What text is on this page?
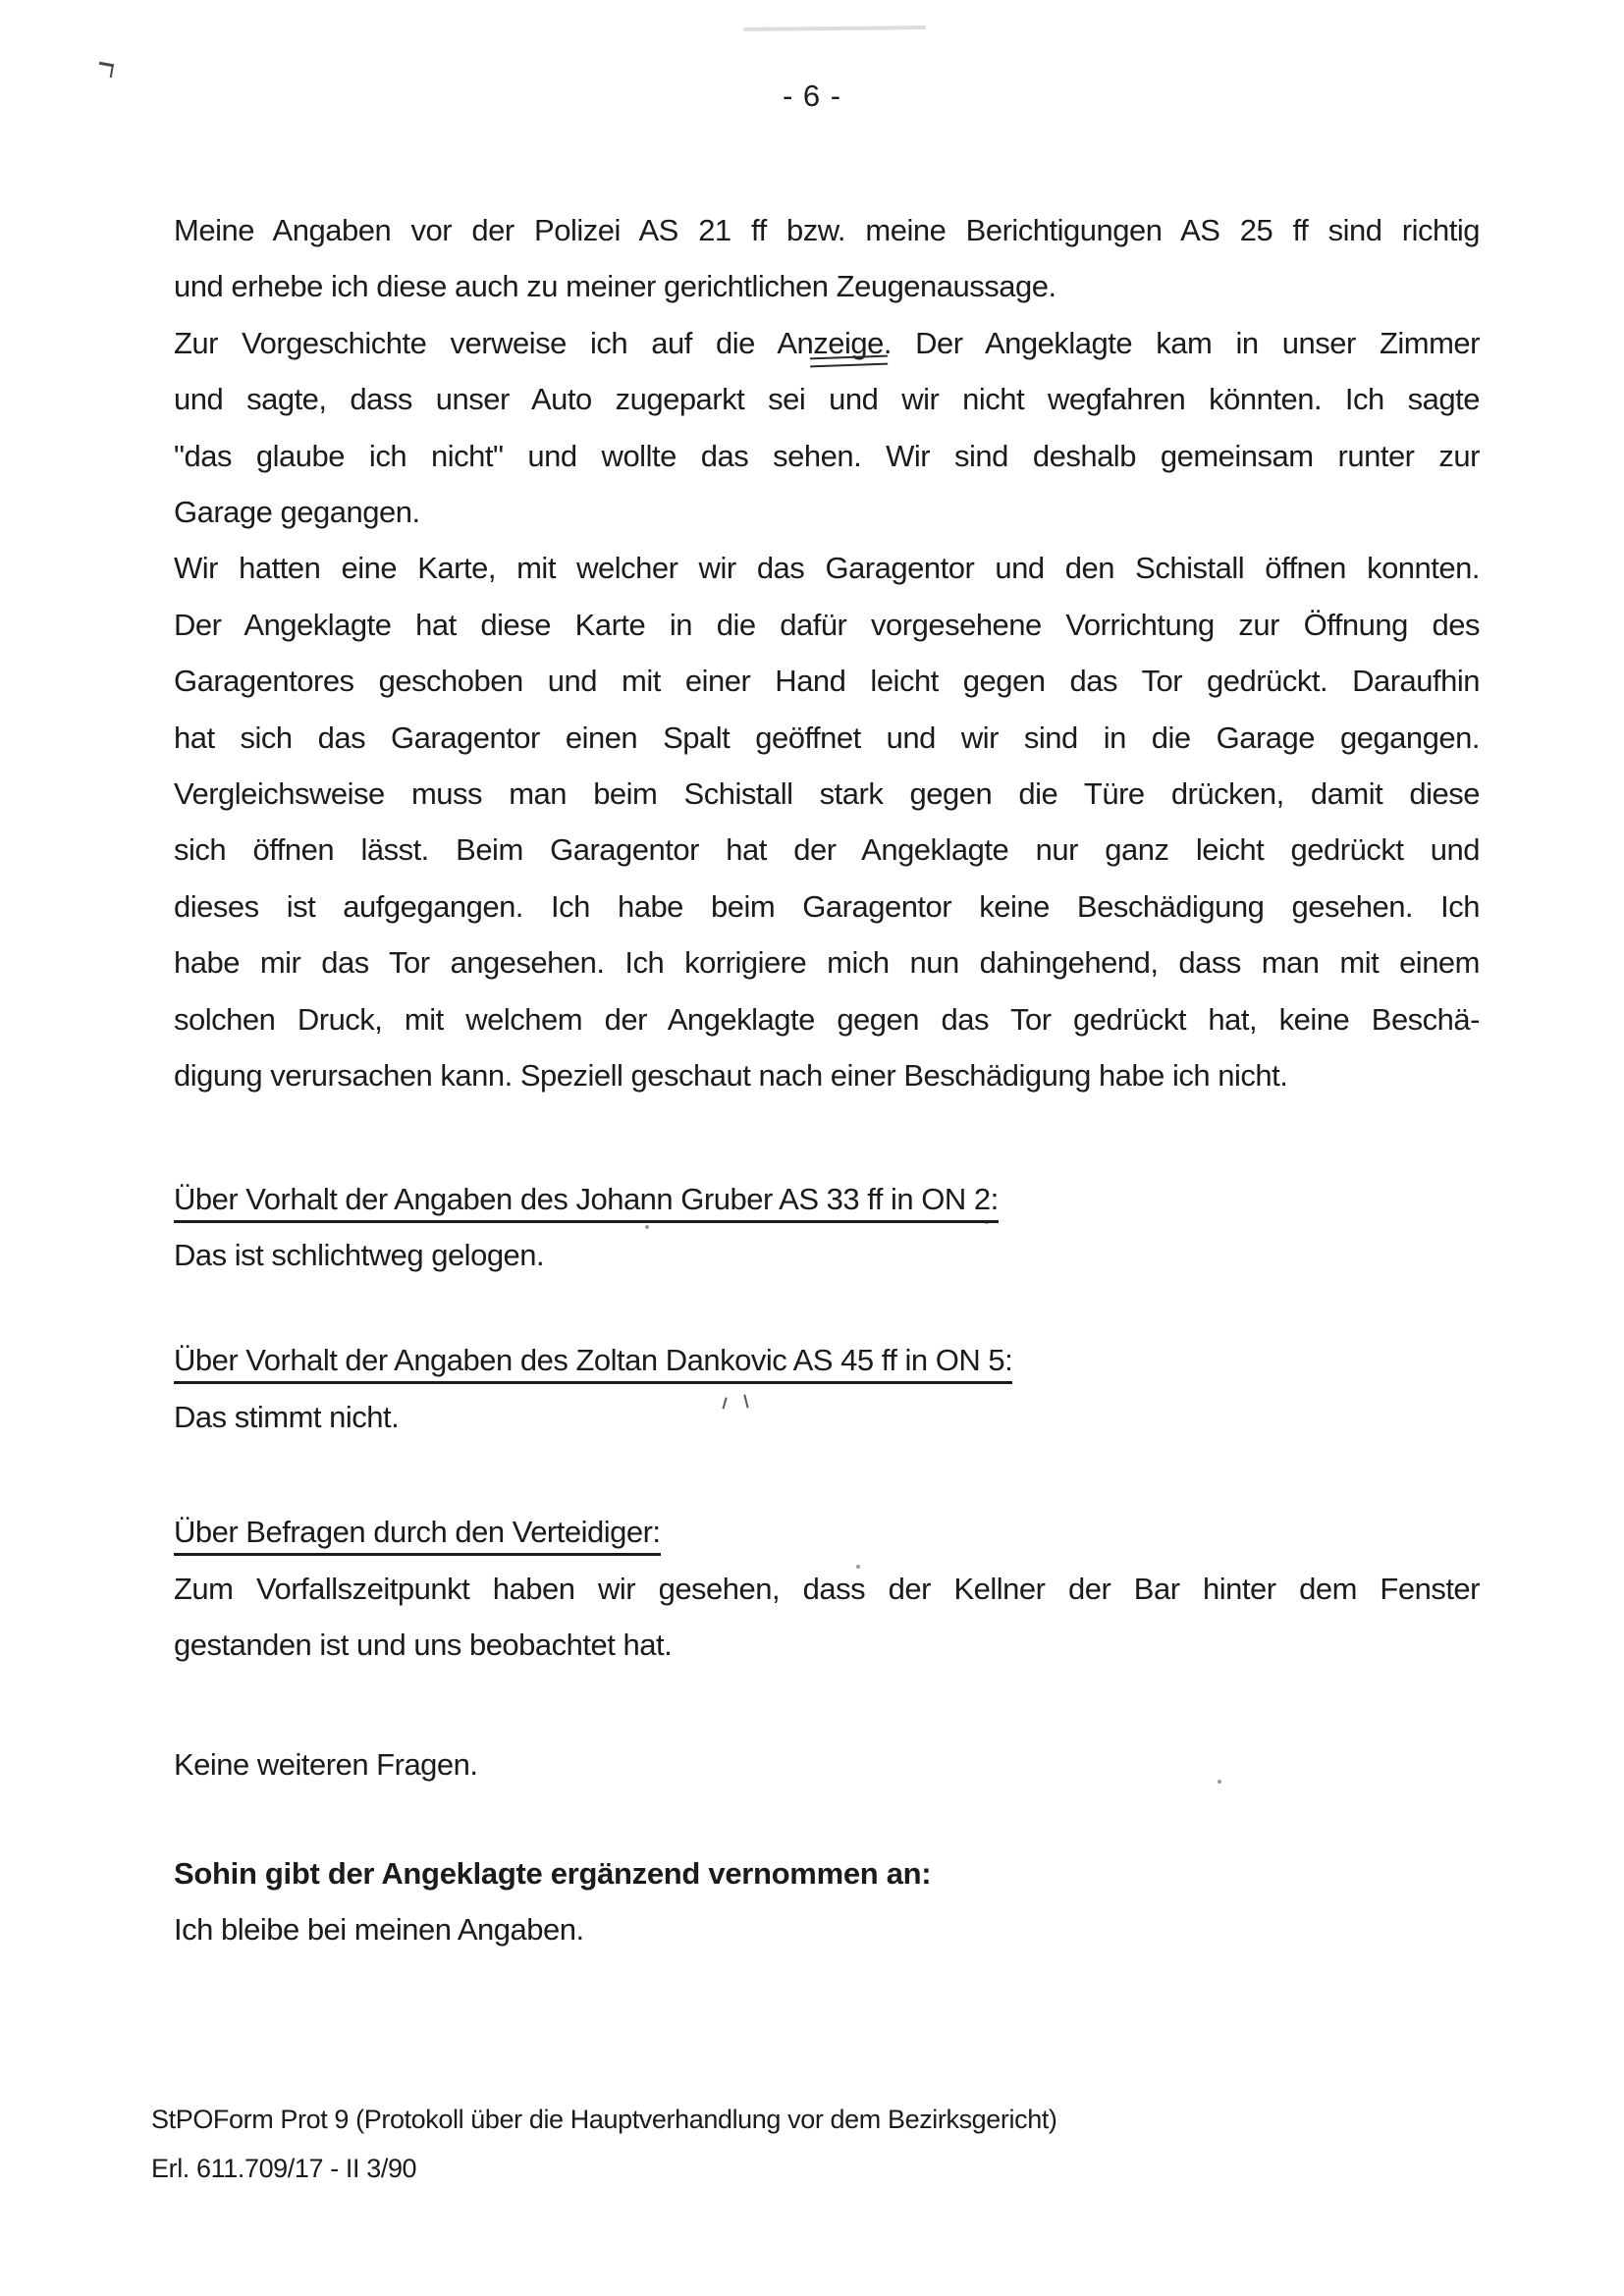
- 6 -
Meine Angaben vor der Polizei AS 21 ff bzw. meine Berichtigungen AS 25 ff sind richtig
und erhebe ich diese auch zu meiner gerichtlichen Zeugenaussage.
Zur Vorgeschichte verweise ich auf die Anzeige. Der Angeklagte kam in unser Zimmer
und sagte, dass unser Auto zugeparkt sei und wir nicht wegfahren könnten. Ich sagte
"das glaube ich nicht" und wollte das sehen. Wir sind deshalb gemeinsam runter zur
Garage gegangen.
Wir hatten eine Karte, mit welcher wir das Garagentor und den Schistall öffnen konnten.
Der Angeklagte hat diese Karte in die dafür vorgesehene Vorrichtung zur Öffnung des
Garagentores geschoben und mit einer Hand leicht gegen das Tor gedrückt. Daraufhin
hat sich das Garagentor einen Spalt geöffnet und wir sind in die Garage gegangen.
Vergleichsweise muss man beim Schistall stark gegen die Türe drücken, damit diese
sich öffnen lässt. Beim Garagentor hat der Angeklagte nur ganz leicht gedrückt und
dieses ist aufgegangen. Ich habe beim Garagentor keine Beschädigung gesehen. Ich
habe mir das Tor angesehen. Ich korrigiere mich nun dahingehend, dass man mit einem
solchen Druck, mit welchem der Angeklagte gegen das Tor gedrückt hat, keine Beschä-
digung verursachen kann. Speziell geschaut nach einer Beschädigung habe ich nicht.
Über Vorhalt der Angaben des Johann Gruber AS 33 ff in ON 2:
Das ist schlichtweg gelogen.
Über Vorhalt der Angaben des Zoltan Dankovic AS 45 ff in ON 5:
Das stimmt nicht.
Über Befragen durch den Verteidiger:
Zum Vorfallszeitpunkt haben wir gesehen, dass der Kellner der Bar hinter dem Fenster
gestanden ist und uns beobachtet hat.
Keine weiteren Fragen.
Sohin gibt der Angeklagte ergänzend vernommen an:
Ich bleibe bei meinen Angaben.
StPOForm Prot 9 (Protokoll über die Hauptverhandlung vor dem Bezirksgericht)
Erl. 611.709/17 - II 3/90
